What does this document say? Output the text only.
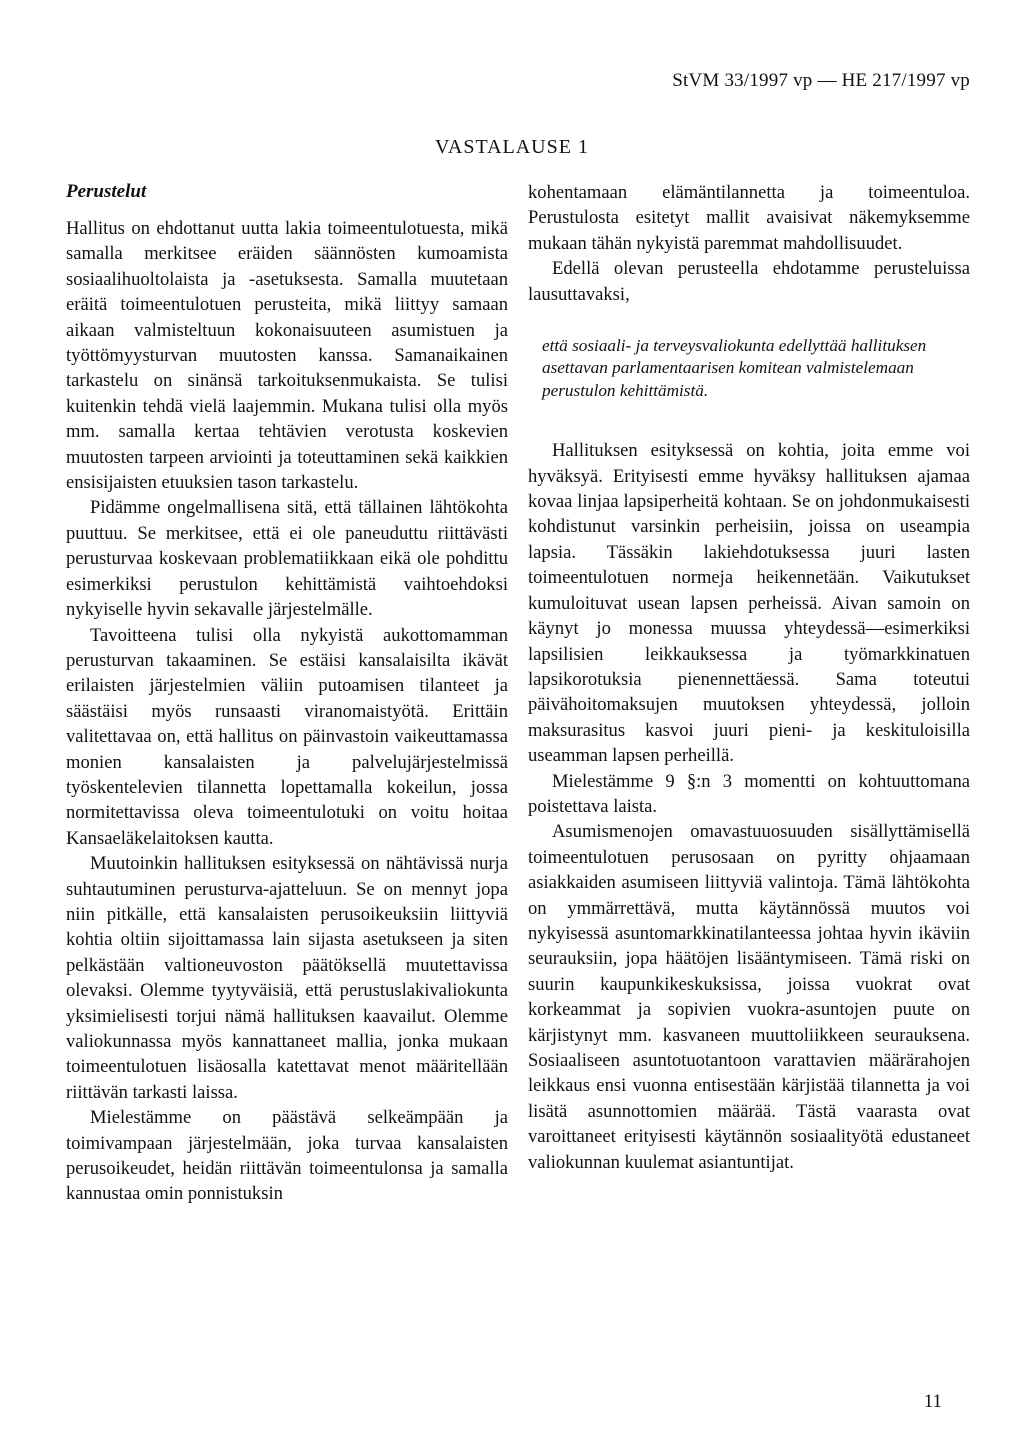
StVM 33/1997 vp — HE 217/1997 vp
VASTALAUSE 1
Perustelut

Hallitus on ehdottanut uutta lakia toimeentulotuesta, mikä samalla merkitsee eräiden säännösten kumoamista sosiaalihuoltolaista ja -asetuksesta. Samalla muutetaan eräitä toimeentulotuen perusteita, mikä liittyy samaan aikaan valmisteltuun kokonaisuuteen asumistuen ja työttömyysturvan muutosten kanssa. Samanaikainen tarkastelu on sinänsä tarkoituksenmukaista. Se tulisi kuitenkin tehdä vielä laajemmin. Mukana tulisi olla myös mm. samalla kertaa tehtävien verotusta koskevien muutosten tarpeen arviointi ja toteuttaminen sekä kaikkien ensisijaisten etuuksien tason tarkastelu.

Pidämme ongelmallisena sitä, että tällainen lähtökohta puuttuu. Se merkitsee, että ei ole paneuduttu riittävästi perusturvaa koskevaan problematiikkaan eikä ole pohdittu esimerkiksi perustulon kehittämistä vaihtoehdoksi nykyiselle hyvin sekavalle järjestelmälle.

Tavoitteena tulisi olla nykyistä aukottomamman perusturvan takaaminen. Se estäisi kansalaisilta ikävät erilaisten järjestelmien väliin putoamisen tilanteet ja säästäisi myös runsaasti viranomaistyötä. Erittäin valitettavaa on, että hallitus on päinvastoin vaikeuttamassa monien kansalaisten ja palvelujärjestelmissä työskentelevien tilannetta lopettamalla kokeilun, jossa normitettavissa oleva toimeentulotuki on voitu hoitaa Kansaeläkelaitoksen kautta.

Muutoinkin hallituksen esityksessä on nähtävissä nurja suhtautuminen perusturva-ajatteluun. Se on mennyt jopa niin pitkälle, että kansalaisten perusoikeuksiin liittyviä kohtia oltiin sijoittamassa lain sijasta asetukseen ja siten pelkästään valtioneuvoston päätöksellä muutettavissa olevaksi. Olemme tyytyväisiä, että perustuslakivaliokunta yksimielisesti torjui nämä hallituksen kaavailut. Olemme valiokunnassa myös kannattaneet mallia, jonka mukaan toimeentulotuen lisäosalla katettavat menot määritellään riittävän tarkasti laissa.

Mielestämme on päästävä selkeämpään ja toimivampaan järjestelmään, joka turvaa kansalaisten perusoikeudet, heidän riittävän toimeentulonsa ja samalla kannustaa omin ponnistuksin

kohentamaan elämäntilannetta ja toimeentuloa. Perustulosta esitetyt mallit avaisivat näkemyksemme mukaan tähän nykyistä paremmat mahdollisuudet.

Edellä olevan perusteella ehdotamme perusteluissa lausuttavaksi,

että sosiaali- ja terveysvaliokunta edellyttää hallituksen asettavan parlamentaarisen komitean valmistelemaan perustulon kehittämistä.

Hallituksen esityksessä on kohtia, joita emme voi hyväksyä. Erityisesti emme hyväksy hallituksen ajamaa kovaa linjaa lapsiperheitä kohtaan. Se on johdonmukaisesti kohdistunut varsinkin perheisiin, joissa on useampia lapsia. Tässäkin lakiehdotuksessa juuri lasten toimeentulotuen normeja heikennetään. Vaikutukset kumuloituvat usean lapsen perheissä. Aivan samoin on käynyt jo monessa muussa yhteydessä—esimerkiksi lapsilisien leikkauksessa ja työmarkkinatuen lapsikorotuksia pienennettäessä. Sama toteutui päivähoitomaksujen muutoksen yhteydessä, jolloin maksurasitus kasvoi juuri pieni- ja keskituloisilla useamman lapsen perheillä.

Mielestämme 9 §:n 3 momentti on kohtuuttomana poistettava laista.

Asumismenojen omavastuuosuuden sisällyttämisellä toimeentulotuen perusosaan on pyritty ohjaamaan asiakkaiden asumiseen liittyviä valintoja. Tämä lähtökohta on ymmärrettävä, mutta käytännössä muutos voi nykyisessä asuntomarkkinatilanteessa johtaa hyvin ikäviin seurauksiin, jopa häätöjen lisääntymiseen. Tämä riski on suurin kaupunkikeskuksissa, joissa vuokrat ovat korkeammat ja sopivien vuokra-asuntojen puute on kärjistynyt mm. kasvaneen muuttoliikkeen seurauksena. Sosiaaliseen asuntotuotantoon varattavien määrärahojen leikkaus ensi vuonna entisestään kärjistää tilannetta ja voi lisätä asunnottomien määrää. Tästä vaarasta ovat varoittaneet erityisesti käytännön sosiaalityötä edustaneet valiokunnan kuulemat asiantuntijat.

11
